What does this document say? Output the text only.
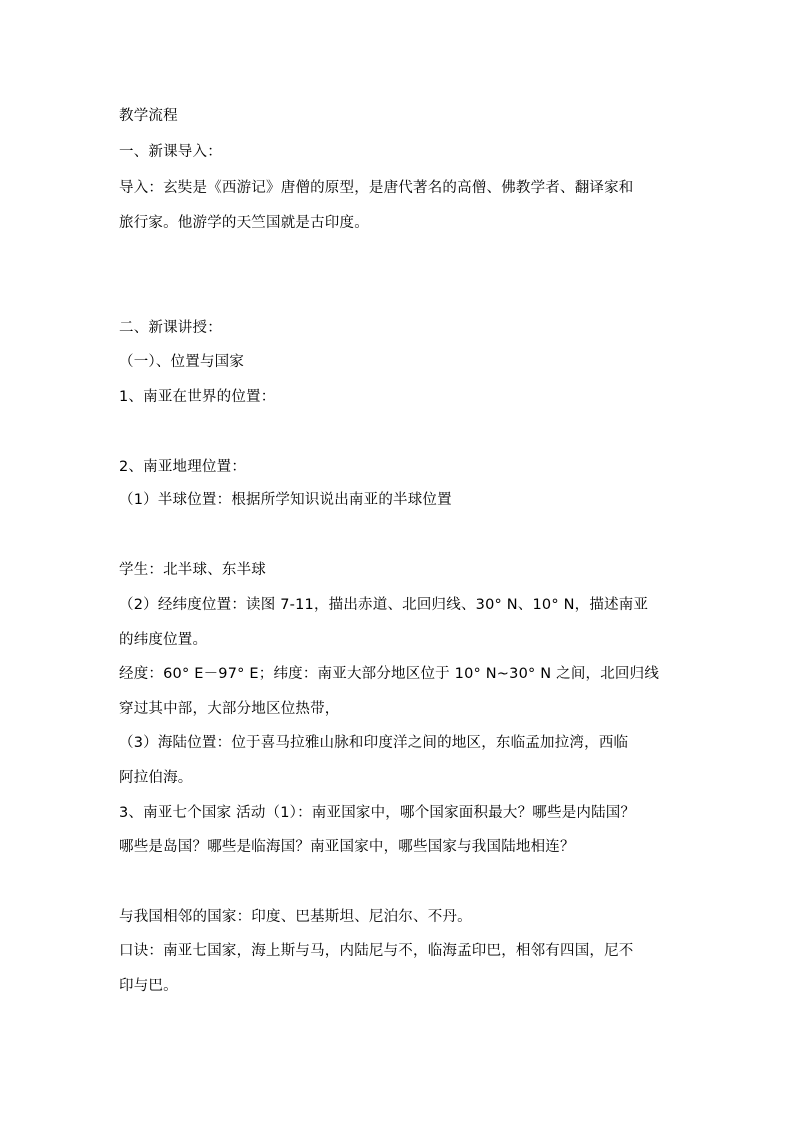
教学流程
一、新课导入：
导入：玄奘是《西游记》唐僧的原型，是唐代著名的高僧、佛教学者、翻译家和
旅行家。他游学的天竺国就是古印度。
二、新课讲授：
（一）、位置与国家
1、南亚在世界的位置：
2、南亚地理位置：
（1）半球位置：根据所学知识说出南亚的半球位置
学生：北半球、东半球
（2）经纬度位置：读图 7-11，描出赤道、北回归线、30° N、10° N，描述南亚
的纬度位置。
经度：60° E－97° E；纬度：南亚大部分地区位于 10° N~30° N 之间，北回归线
穿过其中部，大部分地区位热带，
（3）海陆位置：位于喜马拉雅山脉和印度洋之间的地区，东临孟加拉湾，西临
阿拉伯海。
3、南亚七个国家 活动（1）：南亚国家中，哪个国家面积最大？哪些是内陆国？
哪些是岛国？哪些是临海国？南亚国家中，哪些国家与我国陆地相连？
与我国相邻的国家：印度、巴基斯坦、尼泊尔、不丹。
口诀：南亚七国家，海上斯与马，内陆尼与不，临海孟印巴，相邻有四国，尼不
印与巴。
